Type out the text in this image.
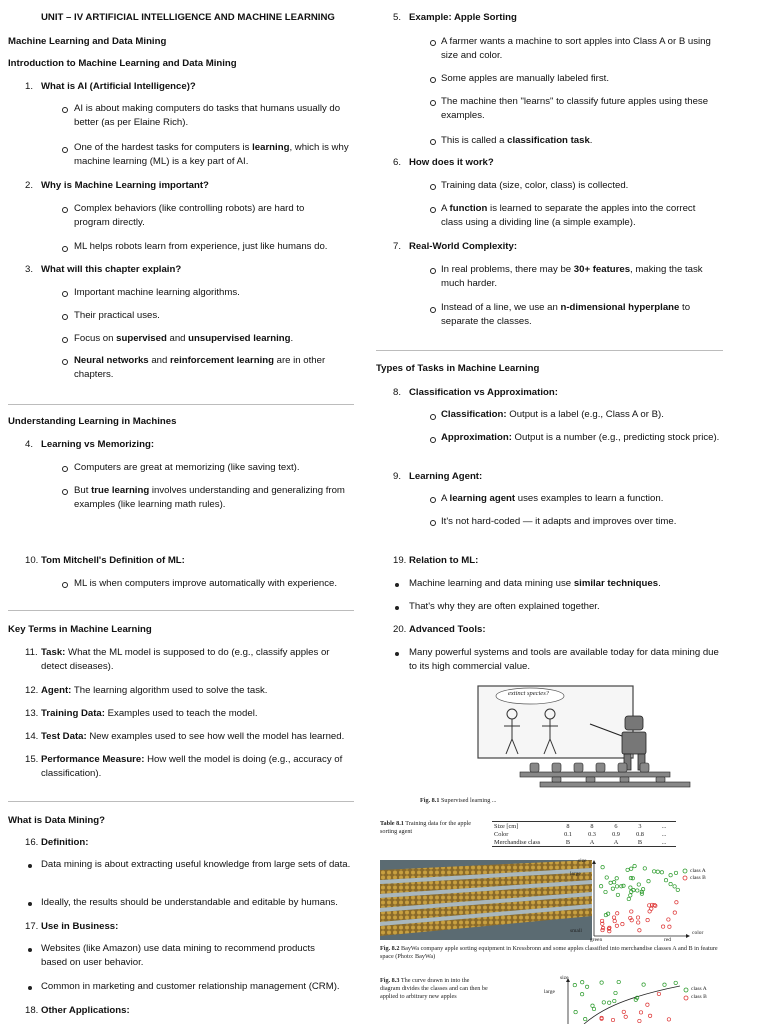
UNIT – IV ARTIFICIAL INTELLIGENCE AND MACHINE LEARNING

Machine Learning and Data Mining

Introduction to Machine Learning and Data Mining

1. What is AI (Artificial Intelligence)?

AI is about making computers do tasks that humans usually do better (as per Elaine Rich).

One of the hardest tasks for computers is learning, which is why machine learning (ML) is a key part of AI.

2. Why is Machine Learning important?

Complex behaviors (like controlling robots) are hard to program directly.

ML helps robots learn from experience, just like humans do.

3. What will this chapter explain?

Important machine learning algorithms.

Their practical uses.

Focus on supervised and unsupervised learning.

Neural networks and reinforcement learning are in other chapters.

Understanding Learning in Machines

4. Learning vs Memorizing:

Computers are great at memorizing (like saving text).

But true learning involves understanding and generalizing from examples (like learning math rules).

10. Tom Mitchell's Definition of ML:

ML is when computers improve automatically with experience.

Key Terms in Machine Learning

11. Task: What the ML model is supposed to do (e.g., classify apples or detect diseases).

12. Agent: The learning algorithm used to solve the task.

13. Training Data: Examples used to teach the model.

14. Test Data: New examples used to see how well the model has learned.

15. Performance Measure: How well the model is doing (e.g., accuracy of classification).

What is Data Mining?

16. Definition:

Data mining is about extracting useful knowledge from large sets of data.

Ideally, the results should be understandable and editable by humans.

17. Use in Business:

Websites (like Amazon) use data mining to recommend products based on user behavior.

Common in marketing and customer relationship management (CRM).

18. Other Applications:

5. Example: Apple Sorting

A farmer wants a machine to sort apples into Class A or B using size and color.

Some apples are manually labeled first.

The machine then "learns" to classify future apples using these examples.

This is called a classification task.

6. How does it work?

Training data (size, color, class) is collected.

A function is learned to separate the apples into the correct class using a dividing line (a simple example).

7. Real-World Complexity:

In real problems, there may be 30+ features, making the task much harder.

Instead of a line, we use an n-dimensional hyperplane to separate the classes.

Types of Tasks in Machine Learning

8. Classification vs Approximation:

Classification: Output is a label (e.g., Class A or B).

Approximation: Output is a number (e.g., predicting stock price).

9. Learning Agent:

A learning agent uses examples to learn a function.

It's not hard-coded — it adapts and improves over time.

19. Relation to ML:

Machine learning and data mining use similar techniques.

That's why they are often explained together.

20. Advanced Tools:

Many powerful systems and tools are available today for data mining due to its high commercial value.

extinct species?
Fig. 8.1 Supervised learning ...
Table 8.1 Training data for the apple sorting agent
Size [cm]	8	8	6	3	...
Color	0.1	0.3	0.9	0.8	...
Merchandise class	B	A	A	B	...
size
large
small
green	red
color
class A
class B
Fig. 8.2 BayWa company apple sorting equipment in Kressbronn and some apples classified into merchandise classes A and B in feature space (Photo: BayWa)
Fig. 8.3 The curve drawn in into the diagram divides the classes and can then be applied to arbitrary new apples
size
large	class A
class B
